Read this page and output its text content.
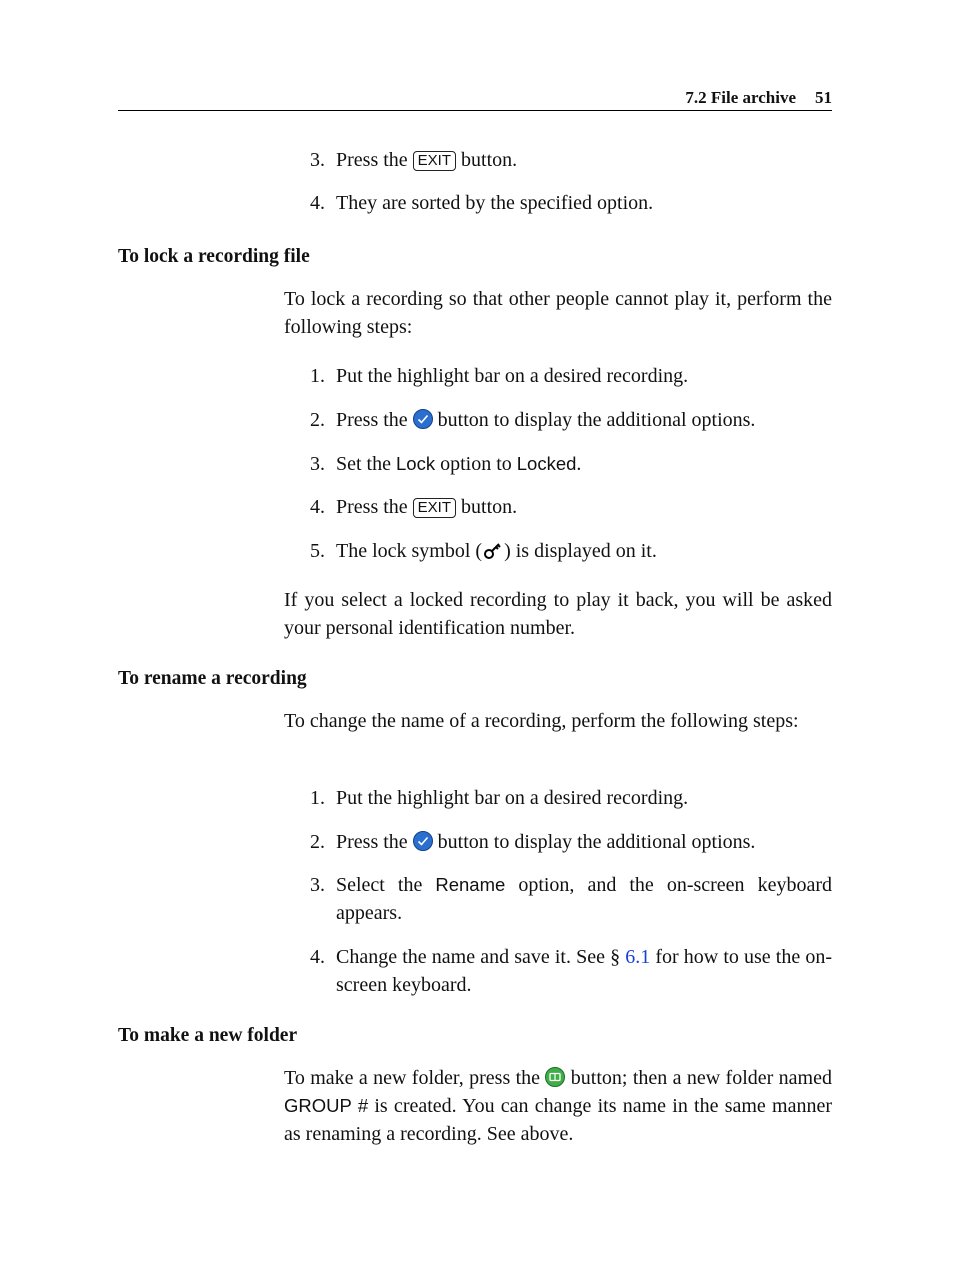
7.2 File archive 51
3. Press the EXIT button.
4. They are sorted by the specified option.
To lock a recording file
To lock a recording so that other people cannot play it, perform the following steps:
1. Put the highlight bar on a desired recording.
2. Press the
button to display the additional options.
3. Set the Lock option to Locked.
4. Press the EXIT button.
5. The lock symbol ( ) is displayed on it.
If you select a locked recording to play it back, you will be asked your personal identification number.
To rename a recording
To change the name of a recording, perform the following steps:
1. Put the highlight bar on a desired recording.
2. Press the
button to display the additional options.
3. Select the Rename option, and the on-screen keyboard appears.
4. Change the name and save it. See § 6.1 for how to use the on-screen keyboard.
To make a new folder
To make a new folder, press the
button; then a new folder named GROUP # is created. You can change its name in the same manner as renaming a recording. See above.
